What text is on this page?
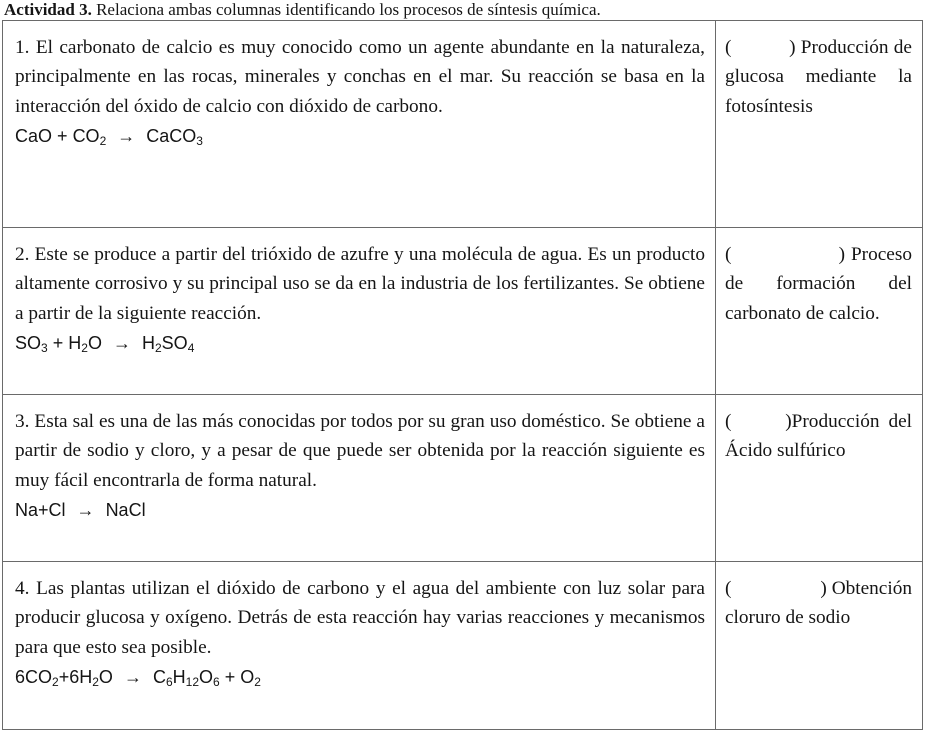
Actividad 3. Relaciona ambas columnas identificando los procesos de síntesis química.
1. El carbonato de calcio es muy conocido como un agente abundante en la naturaleza, principalmente en las rocas, minerales y conchas en el mar. Su reacción se basa en la interacción del óxido de calcio con dióxido de carbono.
CaO + $CO_2$ → CaCO$_3$	( ) Producción de glucosa mediante la fotosíntesis

2. Este se produce a partir del trióxido de azufre y una molécula de agua. Es un producto altamente corrosivo y su principal uso se da en la industria de los fertilizantes. Se obtiene a partir de la siguiente reacción.
$SO_3 + H_2O \to H_2SO_4$	( ) Proceso de formación del carbonato de calcio.

3. Esta sal es una de las más conocidas por todos por su gran uso doméstico. Se obtiene a partir de sodio y cloro, y a pesar de que puede ser obtenida por la reacción siguiente es muy fácil encontrarla de forma natural.
Na+Cl → NaCl	( )Producción del Ácido sulfúrico

4. Las plantas utilizan el dióxido de carbono y el agua del ambiente con luz solar para producir glucosa y oxígeno. Detrás de esta reacción hay varias reacciones y mecanismos para que esto sea posible.
$6CO_2+6H_2O \to C_6H_{12}O_6 + O_2$	( ) Obtención cloruro de sodio
